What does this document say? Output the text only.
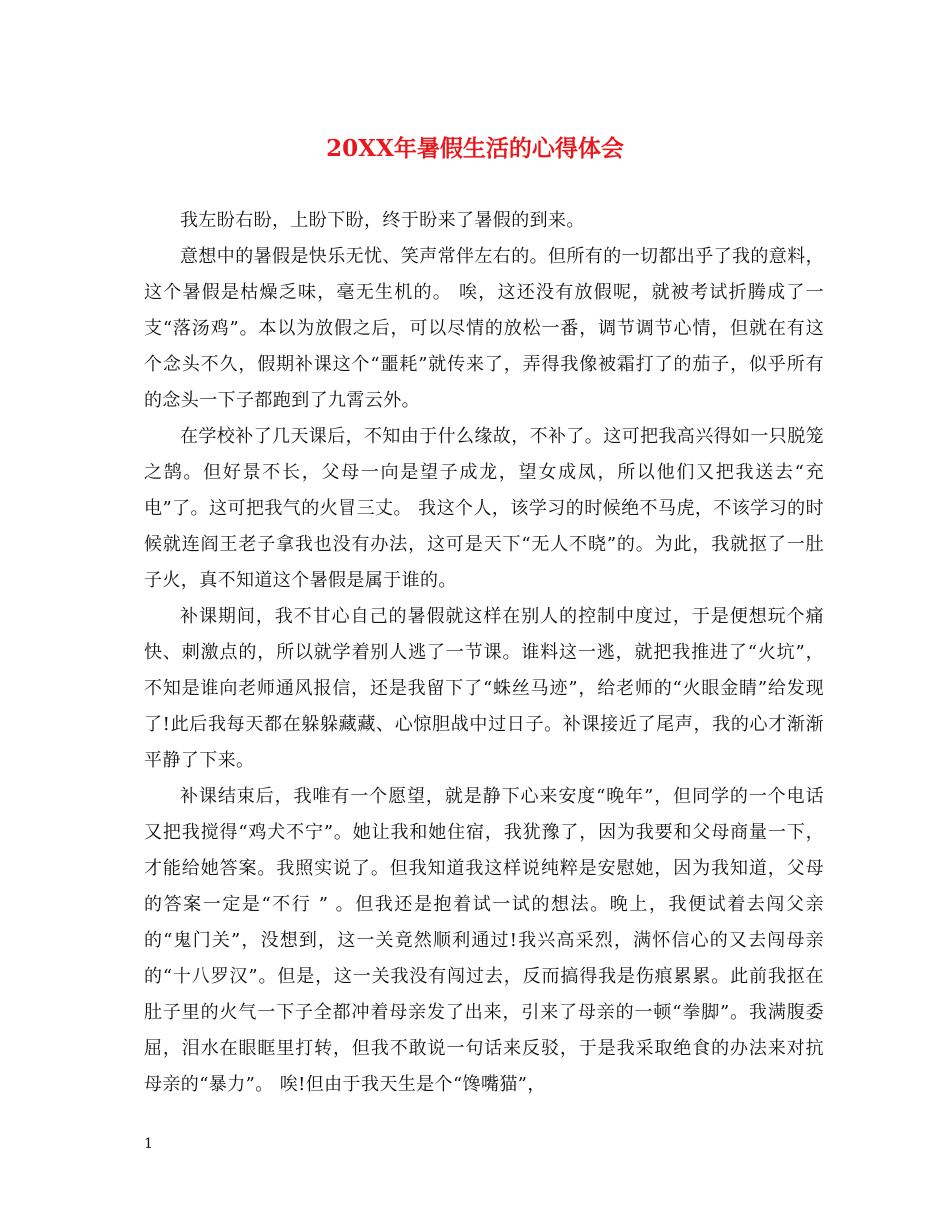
20XX年暑假生活的心得体会

我左盼右盼，上盼下盼，终于盼来了暑假的到来。

意想中的暑假是快乐无忧、笑声常伴左右的。但所有的一切都出乎了我的意料，这个暑假是枯燥乏味，毫无生机的。 唉，这还没有放假呢，就被考试折腾成了一支“落汤鸡”。本以为放假之后，可以尽情的放松一番，调节调节心情，但就在有这个念头不久，假期补课这个“噩耗”就传来了，弄得我像被霜打了的茄子，似乎所有的念头一下子都跑到了九霄云外。

在学校补了几天课后，不知由于什么缘故，不补了。这可把我高兴得如一只脱笼之鹄。但好景不长，父母一向是望子成龙，望女成凤，所以他们又把我送去“充电”了。这可把我气的火冒三丈。 我这个人，该学习的时候绝不马虎，不该学习的时候就连阎王老子拿我也没有办法，这可是天下“无人不晓”的。为此，我就抠了一肚子火，真不知道这个暑假是属于谁的。

补课期间，我不甘心自己的暑假就这样在别人的控制中度过，于是便想玩个痛快、刺激点的，所以就学着别人逃了一节课。谁料这一逃，就把我推进了“火坑”，不知是谁向老师通风报信，还是我留下了“蛛丝马迹”，给老师的“火眼金睛”给发现了!此后我每天都在躲躲藏藏、心惊胆战中过日子。补课接近了尾声，我的心才渐渐平静了下来。

补课结束后，我唯有一个愿望，就是静下心来安度“晚年”，但同学的一个电话又把我搅得“鸡犬不宁”。她让我和她住宿，我犹豫了，因为我要和父母商量一下，才能给她答案。我照实说了。但我知道我这样说纯粹是安慰她，因为我知道，父母的答案一定是“不行 ” 。但我还是抱着试一试的想法。晚上，我便试着去闯父亲的“鬼门关”，没想到，这一关竟然顺利通过!我兴高采烈，满怀信心的又去闯母亲的“十八罗汉”。但是，这一关我没有闯过去，反而搞得我是伤痕累累。此前我抠在肚子里的火气一下子全都冲着母亲发了出来，引来了母亲的一顿“拳脚”。我满腹委屈，泪水在眼眶里打转，但我不敢说一句话来反驳，于是我采取绝食的办法来对抗母亲的“暴力”。 唉!但由于我天生是个“馋嘴猫”，

1
